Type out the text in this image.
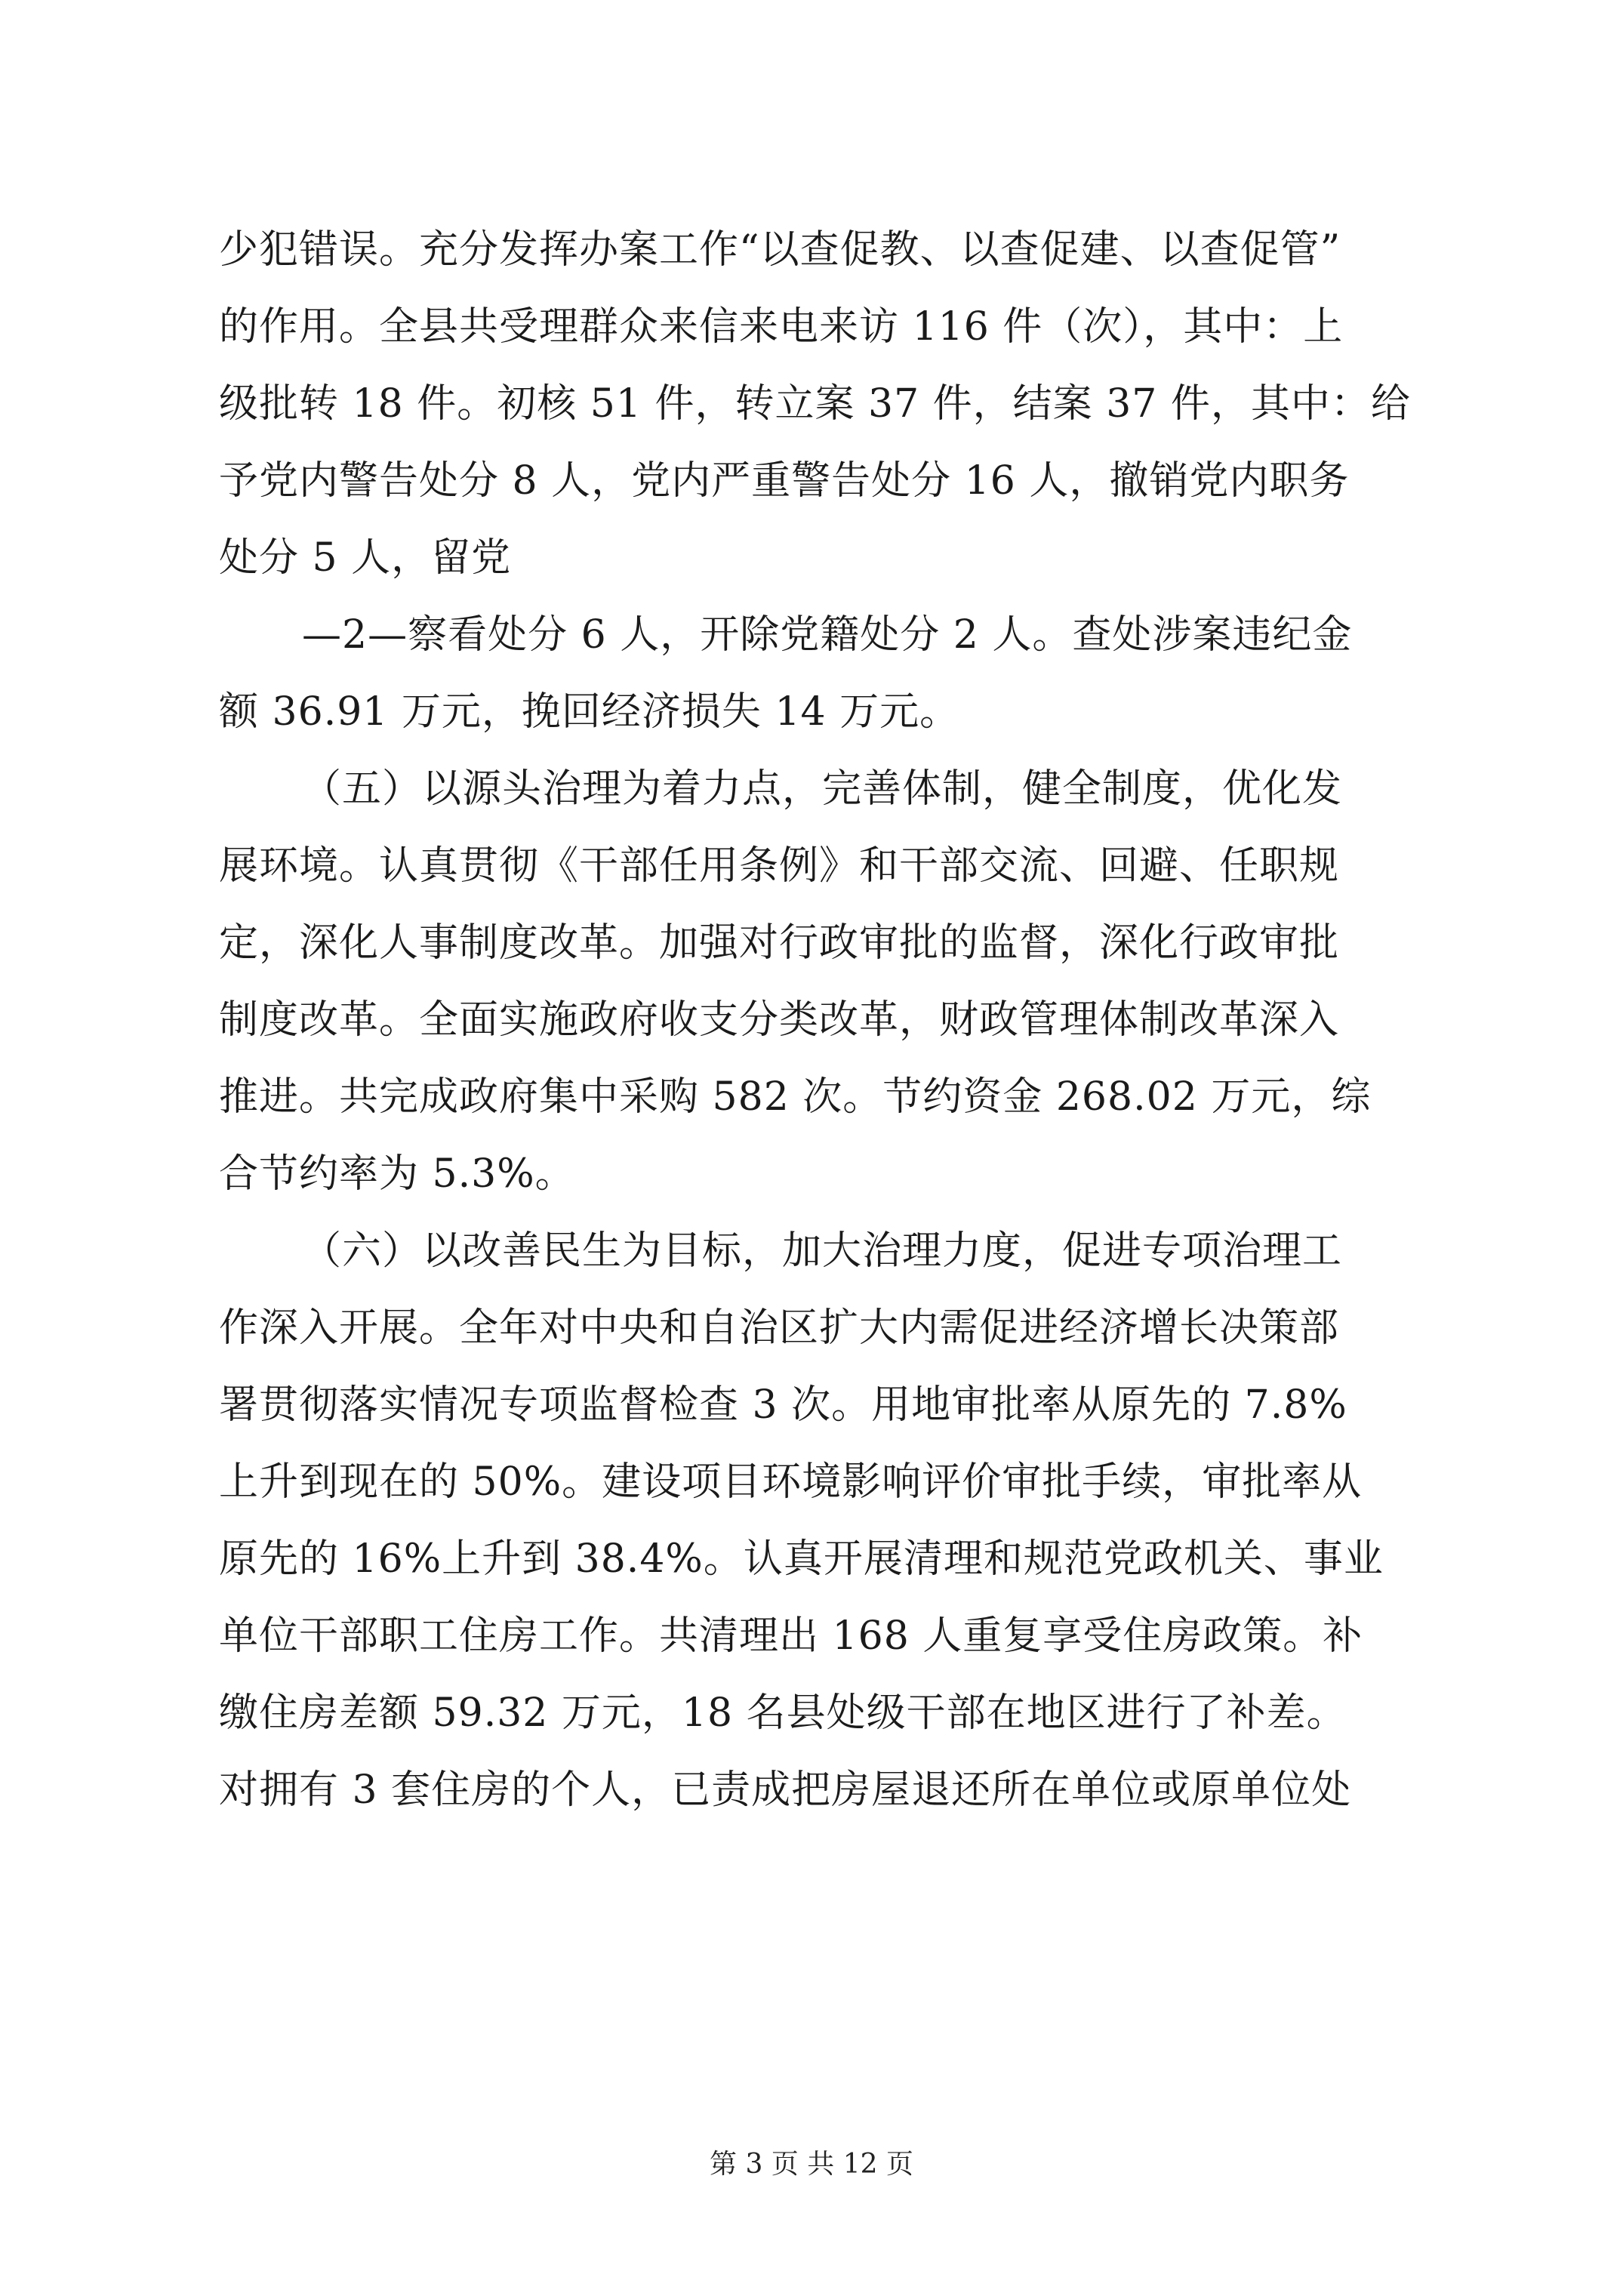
少犯错误。充分发挥办案工作“以查促教、以查促建、以查促管”
的作用。全县共受理群众来信来电来访 116 件（次），其中：上
级批转 18 件。初核 51 件，转立案 37 件，结案 37 件，其中：给
予党内警告处分 8 人，党内严重警告处分 16 人，撤销党内职务
处分 5 人，留党
—2—察看处分 6 人，开除党籍处分 2 人。查处涉案违纪金
额 36.91 万元，挽回经济损失 14 万元。
（五）以源头治理为着力点，完善体制，健全制度，优化发
展环境。认真贯彻《干部任用条例》和干部交流、回避、任职规
定，深化人事制度改革。加强对行政审批的监督，深化行政审批
制度改革。全面实施政府收支分类改革，财政管理体制改革深入
推进。共完成政府集中采购 582 次。节约资金 268.02 万元，综
合节约率为 5.3%。
（六）以改善民生为目标，加大治理力度，促进专项治理工
作深入开展。全年对中央和自治区扩大内需促进经济增长决策部
署贯彻落实情况专项监督检查 3 次。用地审批率从原先的 7.8%
上升到现在的 50%。建设项目环境影响评价审批手续，审批率从
原先的 16%上升到 38.4%。认真开展清理和规范党政机关、事业
单位干部职工住房工作。共清理出 168 人重复享受住房政策。补
缴住房差额 59.32 万元，18 名县处级干部在地区进行了补差。
对拥有 3 套住房的个人，已责成把房屋退还所在单位或原单位处
第 3 页 共 12 页
